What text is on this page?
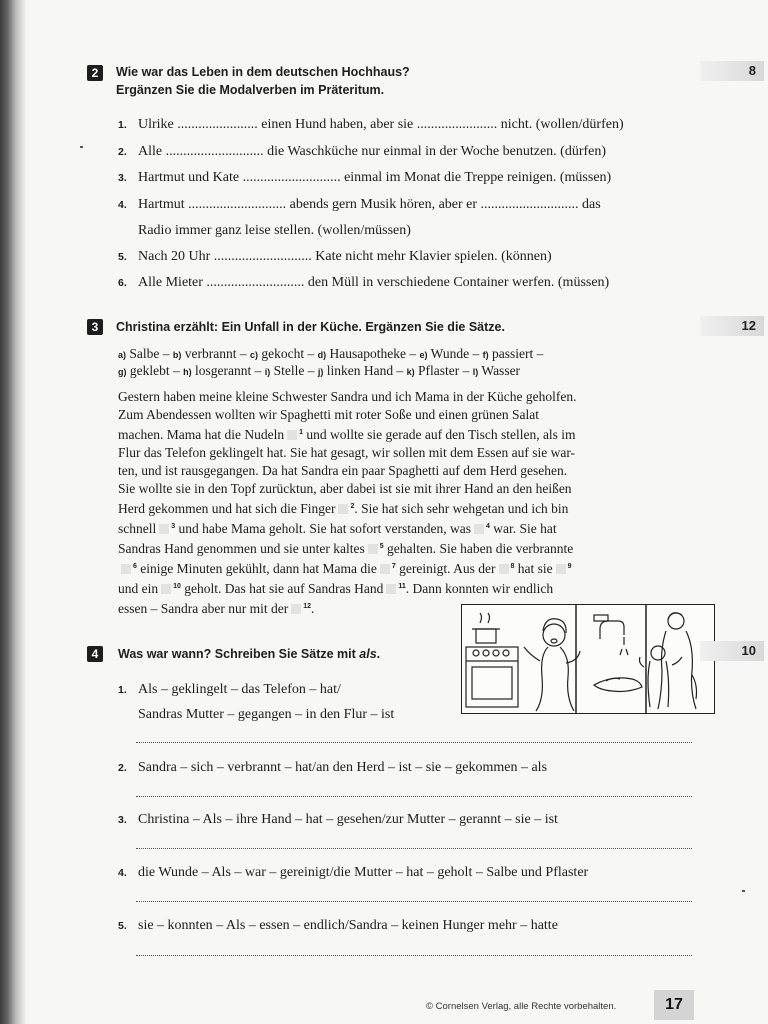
2	Wie war das Leben in dem deutschen Hochhaus?
Ergänzen Sie die Modalverben im Präteritum.
8
1. Ulrike ....................... einen Hund haben, aber sie ....................... nicht. (wollen/dürfen)
2. Alle ............................ die Waschküche nur einmal in der Woche benutzen. (dürfen)
3. Hartmut und Kate ............................ einmal im Monat die Treppe reinigen. (müssen)
4. Hartmut ............................ abends gern Musik hören, aber er ............................ das
Radio immer ganz leise stellen. (wollen/müssen)
5. Nach 20 Uhr ............................ Kate nicht mehr Klavier spielen. (können)
6. Alle Mieter ............................ den Müll in verschiedene Container werfen. (müssen)
3	Christina erzählt: Ein Unfall in der Küche. Ergänzen Sie die Sätze.	12
a) Salbe – b) verbrannt – c) gekocht – d) Hausapotheke – e) Wunde – f) passiert –
g) geklebt – h) losgerannt – i) Stelle – j) linken Hand – k) Pflaster – l) Wasser
Gestern haben meine kleine Schwester Sandra und ich Mama in der Küche geholfen.
Zum Abendessen wollten wir Spaghetti mit roter Soße und einen grünen Salat
machen. Mama hat die Nudeln $^1$ und wollte sie gerade auf den Tisch stellen, als im
Flur das Telefon geklingelt hat. Sie hat gesagt, wir sollen mit dem Essen auf sie war-
ten, und ist rausgegangen. Da hat Sandra ein paar Spaghetti auf dem Herd gesehen.
Sie wollte sie in den Topf zurücktun, aber dabei ist sie mit ihrer Hand an den heißen
Herd gekommen und hat sich die Finger $^2$. Sie hat sich sehr wehgetan und ich bin
schnell $^3$ und habe Mama geholt. Sie hat sofort verstanden, was $^4$ war. Sie hat
Sandras Hand genommen und sie unter kaltes $^5$ gehalten. Sie haben die verbrannte
$^6$ einige Minuten gekühlt, dann hat Mama die $^7$ gereinigt. Aus der $^8$ hat sie $^9$
und ein $^{10}$ geholt. Das hat sie auf Sandras Hand $^{11}$. Dann konnten wir endlich
essen – Sandra aber nur mit der $^{12}$.
4	Was war wann? Schreiben Sie Sätze mit als.	10
1. Als – geklingelt – das Telefon – hat/
Sandras Mutter – gegangen – in den Flur – ist
2. Sandra – sich – verbrannt – hat/an den Herd – ist – sie – gekommen – als
3. Christina – Als – ihre Hand – hat – gesehen/zur Mutter – gerannt – sie – ist
4. die Wunde – Als – war – gereinigt/die Mutter – hat – geholt – Salbe und Pflaster
5. sie – konnten – Als – essen – endlich/Sandra – keinen Hunger mehr – hatte
© Cornelsen Verlag, alle Rechte vorbehalten.	17
